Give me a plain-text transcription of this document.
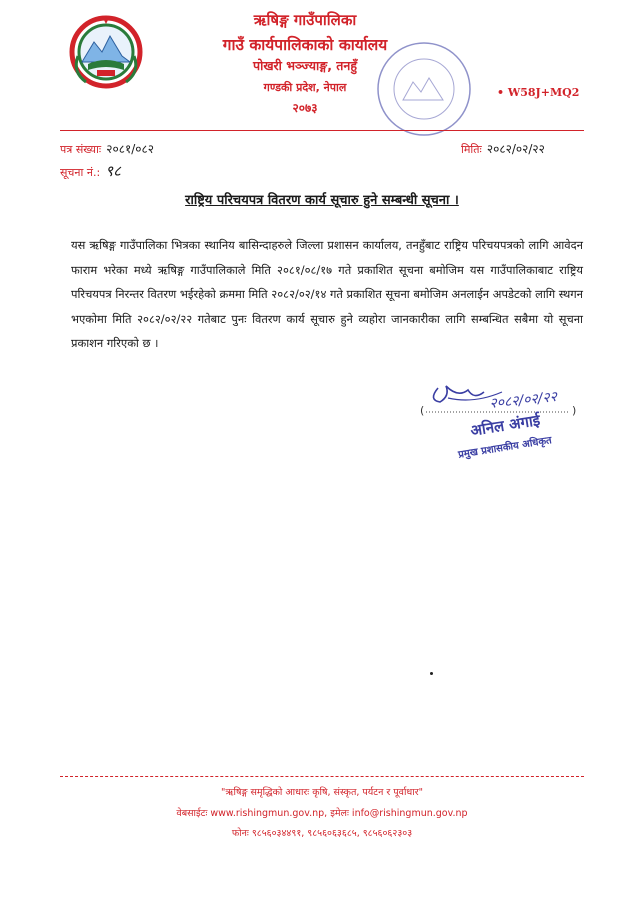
ऋषिङ्ग गाउँपालिका
गाउँ कार्यपालिकाको कार्यालय
पोखरी भञ्ज्याङ्ग, तनहुँ
गण्डकी प्रदेश, नेपाल
२०७३
• W58J+MQ2
पत्र संख्याः २०८१/०८२	मितिः २०८२/०२/२२
सूचना नं.: ९८
राष्ट्रिय परिचयपत्र वितरण कार्य सूचारु हुने सम्बन्धी सूचना ।
यस ऋषिङ्ग गाउँपालिका भित्रका स्थानिय बासिन्दाहरुले जिल्ला प्रशासन कार्यालय, तनहुँबाट राष्ट्रिय परिचयपत्रको लागि आवेदन फाराम भरेका मध्ये ऋषिङ्ग गाउँपालिकाले मिति २०८१/०८/१७ गते प्रकाशित सूचना बमोजिम यस गाउँपालिकाबाट राष्ट्रिय परिचयपत्र निरन्तर वितरण भईरहेको क्रममा मिति २०८२/०२/१४ गते प्रकाशित सूचना बमोजिम अनलाईन अपडेटको लागि स्थगन भएकोमा मिति २०८२/०२/२२ गतेबाट पुनः वितरण कार्य सूचारु हुने व्यहोरा जानकारीका लागि सम्बन्धित सबैमा यो सूचना प्रकाशन गरिएको छ ।
(	)
२०८२/०२/२२
अनिल अंगाई
प्रमुख प्रशासकीय अधिकृत
"ऋषिङ्ग समृद्धिको आधारः कृषि, संस्कृत, पर्यटन र पूर्वाधार"
वेबसाईटः www.rishingmun.gov.np, इमेलः info@rishingmun.gov.np
फोनः ९८५६०३४४९१, ९८५६०६३६८५, ९८५६०६२३०३
